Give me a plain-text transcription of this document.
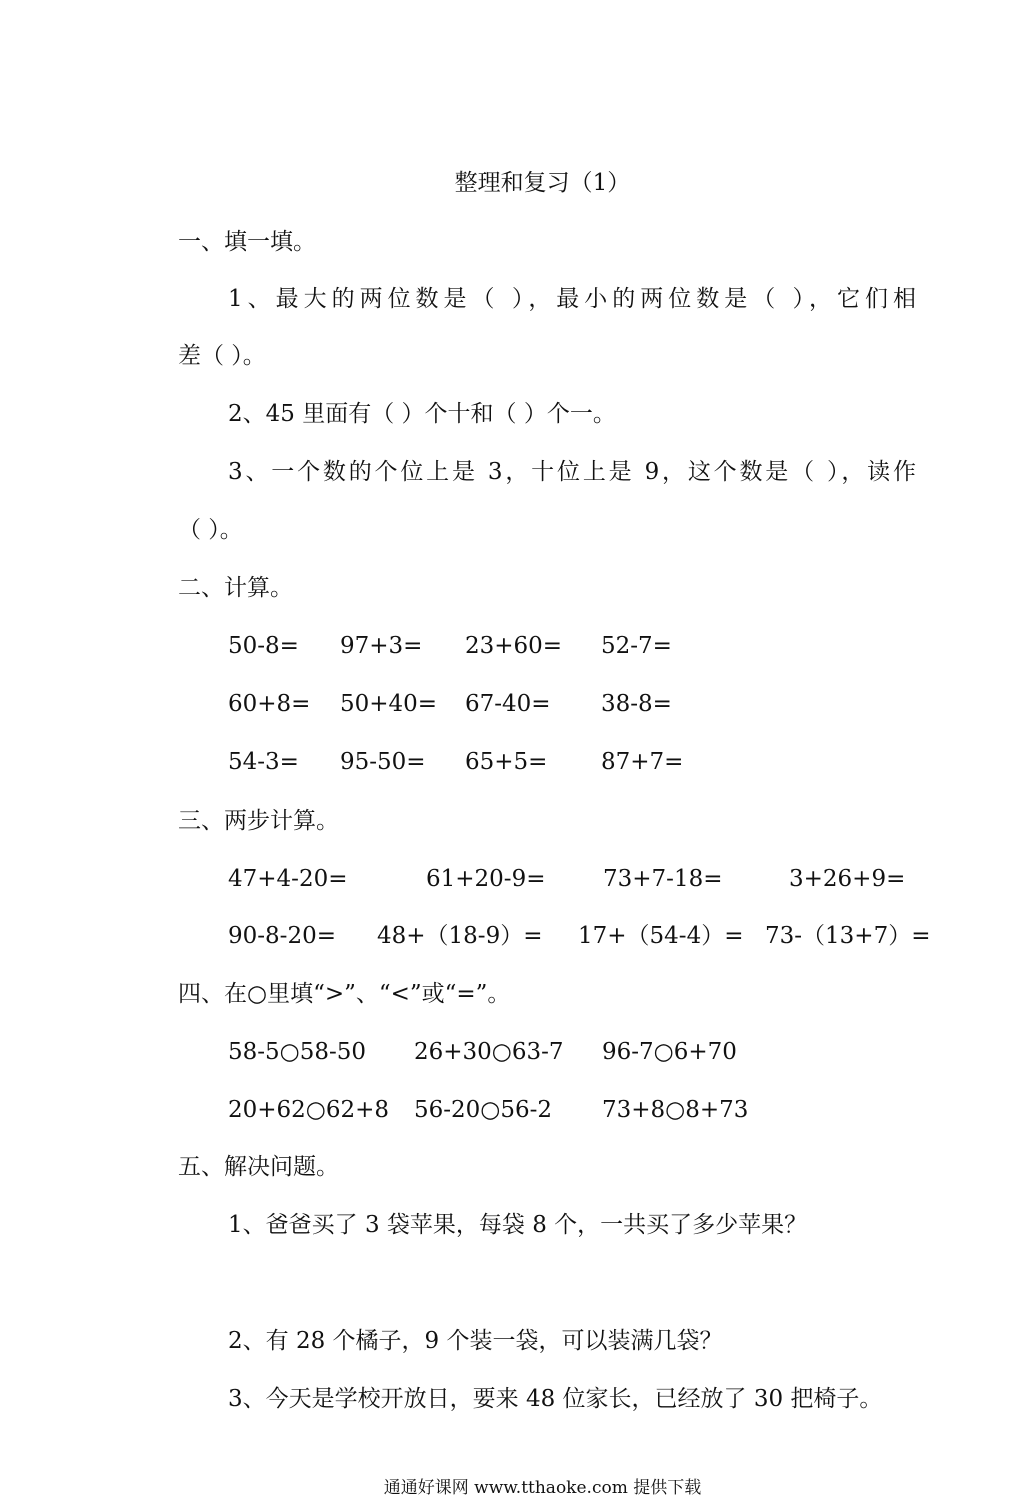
整理和复习（1）
一、填一填。
1、最大的两位数是（ ），最小的两位数是（ ），它们相
差（ ）。
2、45 里面有（ ）个十和（ ）个一。
3、一个数的个位上是 3，十位上是 9，这个数是（ ），读作
（ ）。
二、计算。
50-8= 97+3= 23+60= 52-7=
60+8= 50+40= 67-40= 38-8=
54-3= 95-50= 65+5= 87+7=
三、两步计算。
47+4-20=	61+20-9=	73+7-18=	3+26+9=
90-8-20= 48+（18-9）= 17+（54-4）= 73-（13+7）=
四、在○里填“>”、“<”或“=”。
58-5○58-50 26+30○63-7 96-7○6+70
20+62○62+8 56-20○56-2 73+8○8+73
五、解决问题。
1、爸爸买了 3 袋苹果，每袋 8 个，一共买了多少苹果？
2、有 28 个橘子，9 个装一袋，可以装满几袋？
3、今天是学校开放日，要来 48 位家长，已经放了 30 把椅子。
通通好课网 www.tthaoke.com 提供下载
